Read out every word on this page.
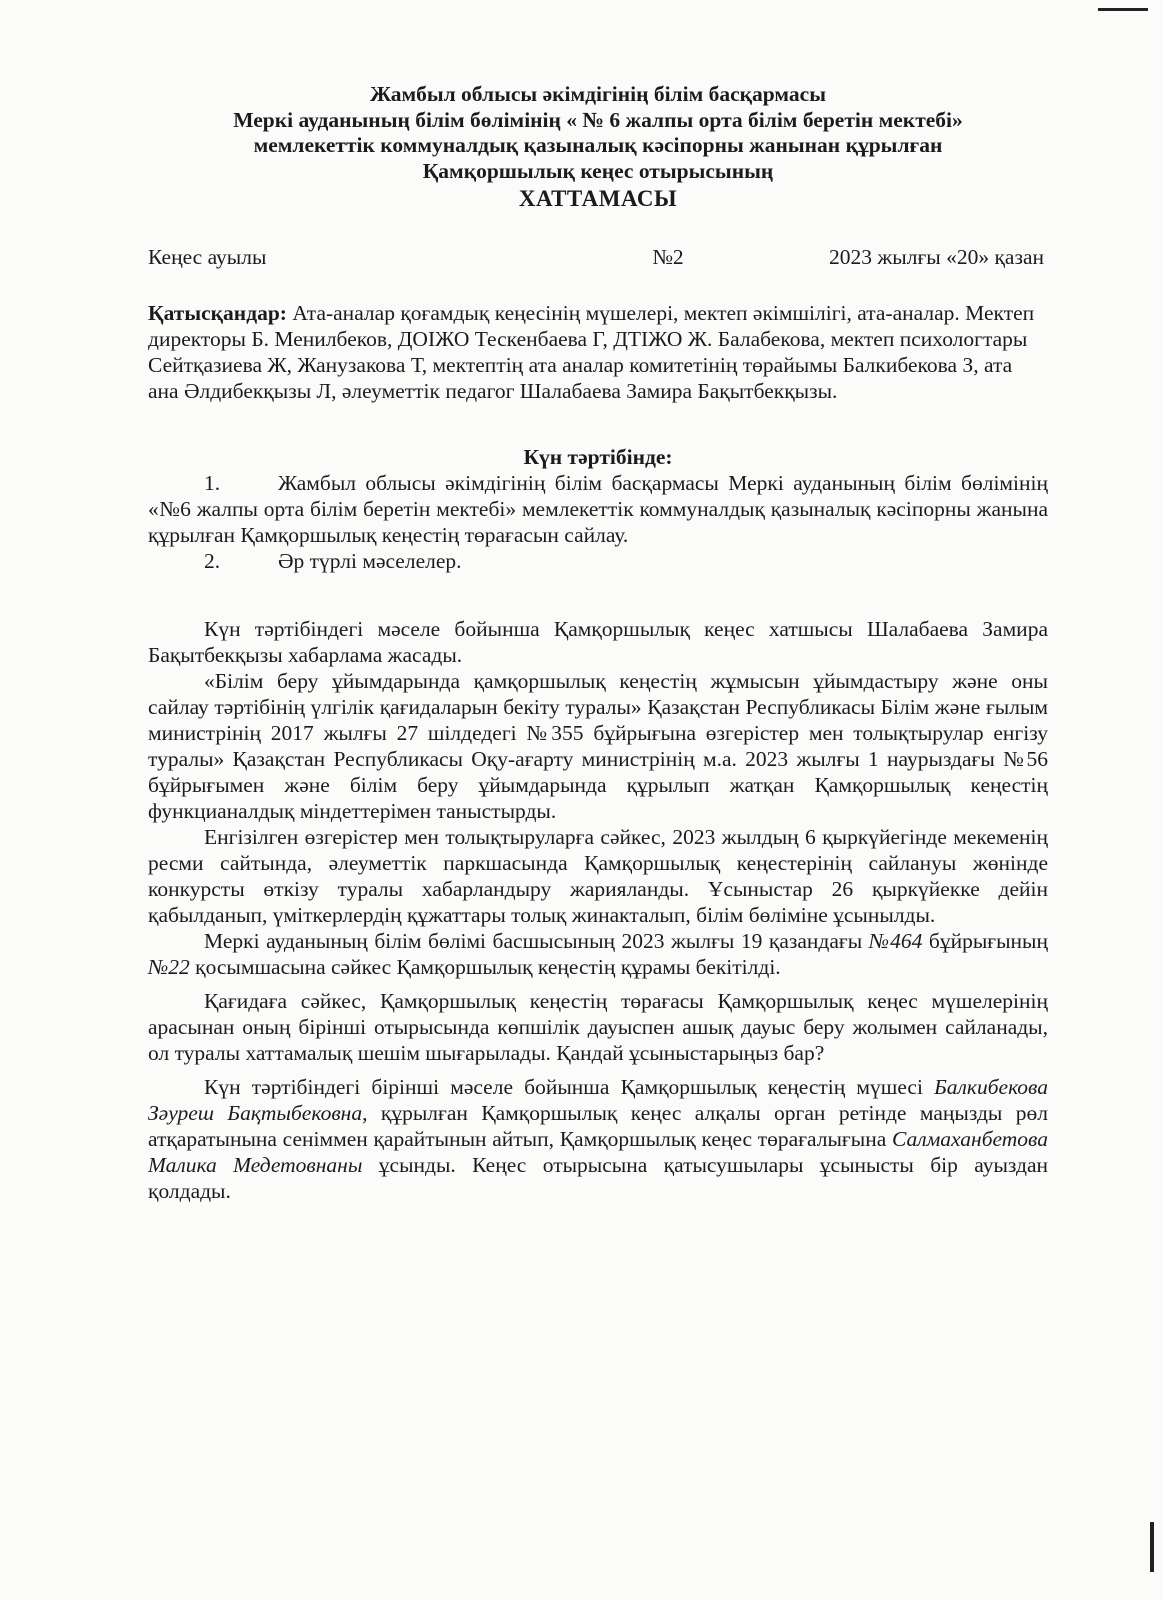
Жамбыл облысы әкімдігінің білім басқармасы
Меркі ауданының білім бөлімінің « № 6 жалпы орта білім беретін мектебі»
мемлекеттік коммуналдық қазыналық кәсіпорны жанынан құрылған
Қамқоршылық кеңес отырысының
ХАТТАМАСЫ
Кеңес ауылы	№2	2023 жылғы «20» қазан

Қатысқандар: Ата-аналар қоғамдық кеңесінің мүшелері, мектеп әкімшілігі, ата-аналар. Мектеп директоры Б. Менилбеков, ДОІЖО Тескенбаева Г, ДТІЖО Ж. Балабекова, мектеп психологтары Сейтқазиева Ж, Жанузакова Т, мектептің ата аналар комитетінің төрайымы Балкибекова З, ата ана Әлдибекқызы Л, әлеуметтік педагог Шалабаева Замира Бақытбекқызы.

Күн тәртібінде:
1.	Жамбыл облысы әкімдігінің білім басқармасы Меркі ауданының білім бөлімінің «№6 жалпы орта білім беретін мектебі» мемлекеттік коммуналдық қазыналық кәсіпорны жанына құрылған Қамқоршылық кеңестің төрағасын сайлау.

2.	Әр түрлі мәселелер.

Күн тәртібіндегі мәселе бойынша Қамқоршылық кеңес хатшысы Шалабаева Замира Бақытбекқызы хабарлама жасады.

«Білім беру ұйымдарында қамқоршылық кеңестің жұмысын ұйымдастыру және оны сайлау тәртібінің үлгілік қағидаларын бекіту туралы» Қазақстан Республикасы Білім және ғылым министрінің 2017 жылғы 27 шілдедегі №355 бұйрығына өзгерістер мен толықтырулар енгізу туралы» Қазақстан Республикасы Оқу-ағарту министрінің м.а. 2023 жылғы 1 наурыздағы №56 бұйрығымен және білім беру ұйымдарында құрылып жатқан Қамқоршылық кеңестің функцианалдық міндеттерімен таныстырды.

Енгізілген өзгерістер мен толықтыруларға сәйкес, 2023 жылдың 6 қыркүйегінде мекеменің ресми сайтында, әлеуметтік паркшасында Қамқоршылық кеңестерінің сайлануы жөнінде конкурсты өткізу туралы хабарландыру жарияланды. Ұсыныстар 26 қыркүйекке дейін қабылданып, үміткерлердің құжаттары толық жинакталып, білім бөліміне ұсынылды.

Меркі ауданының білім бөлімі басшысының 2023 жылғы 19 қазандағы №464 бұйрығының №22 қосымшасына сәйкес Қамқоршылық кеңестің құрамы бекітілді.

Қағидаға сәйкес, Қамқоршылық кеңестің төрағасы Қамқоршылық кеңес мүшелерінің арасынан оның бірінші отырысында көпшілік дауыспен ашық дауыс беру жолымен сайланады, ол туралы хаттамалық шешім шығарылады. Қандай ұсыныстарыңыз бар?

Күн тәртібіндегі бірінші мәселе бойынша Қамқоршылық кеңестің мүшесі Балкибекова Зәуреш Бақтыбековна, құрылған Қамқоршылық кеңес алқалы орган ретінде маңызды рөл атқаратынына сеніммен қарайтынын айтып, Қамқоршылық кеңес төрағалығына Салмаханбетова Малика Медетовнаны ұсынды. Кеңес отырысына қатысушылары ұсынысты бір ауыздан қолдады.
